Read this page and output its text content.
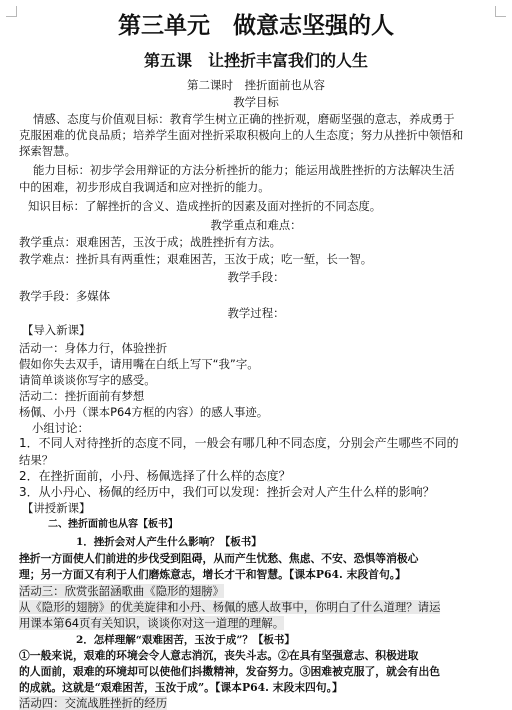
第三单元　做意志坚强的人
第五课　让挫折丰富我们的人生
第二课时　挫折面前也从容
教学目标
情感、态度与价值观目标：教育学生树立正确的挫折观，磨砺坚强的意志，养成勇于
克服困难的优良品质；培养学生面对挫折采取积极向上的人生态度；努力从挫折中领悟和
探索智慧。
能力目标：初步学会用辩证的方法分析挫折的能力；能运用战胜挫折的方法解决生活
中的困难，初步形成自我调适和应对挫折的能力。
知识目标：了解挫折的含义、造成挫折的因素及面对挫折的不同态度。
教学重点和难点：
教学重点：艰难困苦，玉汝于成；战胜挫折有方法。
教学难点：挫折具有两重性；艰难困苦，玉汝于成；吃一堑，长一智。
教学手段：
教学手段：多媒体
教学过程：
【导入新课】
活动一：身体力行，体验挫折
假如你失去双手，请用嘴在白纸上写下“我”字。
请简单谈谈你写字的感受。
活动二：挫折面前有梦想
杨佩、小丹（课本P64方框的内容）的感人事迹。
小组讨论：
1．不同人对待挫折的态度不同，一般会有哪几种不同态度，分别会产生哪些不同的
结果？
2．在挫折面前，小丹、杨佩选择了什么样的态度？
3．从小丹心、杨佩的经历中，我们可以发现：挫折会对人产生什么样的影响？
【讲授新课】
二、挫折面前也从容【板书】
1．挫折会对人产生什么影响？【板书】
挫折一方面使人们前进的步伐受到阻碍，从而产生忧愁、焦虑、不安、恐惧等消极心
理；另一方面又有利于人们磨炼意志，增长才干和智慧。【课本P64. 末段首句。】
活动三：欣赏张韶涵歌曲《隐形的翅膀》
从《隐形的翅膀》的优美旋律和小丹、杨佩的感人故事中，你明白了什么道理？请运
用课本第64页有关知识，谈谈你对这一道理的理解。
2．怎样理解“艰难困苦，玉汝于成”？【板书】
①一般来说，艰难的环境会令人意志消沉，丧失斗志。②在具有坚强意志、积极进取
的人面前，艰难的环境却可以使他们抖擞精神，发奋努力。③困难被克服了，就会有出色
的成就。这就是“艰难困苦，玉汝于成”。【课本P64. 末段末四句。】
活动四：交流战胜挫折的经历
